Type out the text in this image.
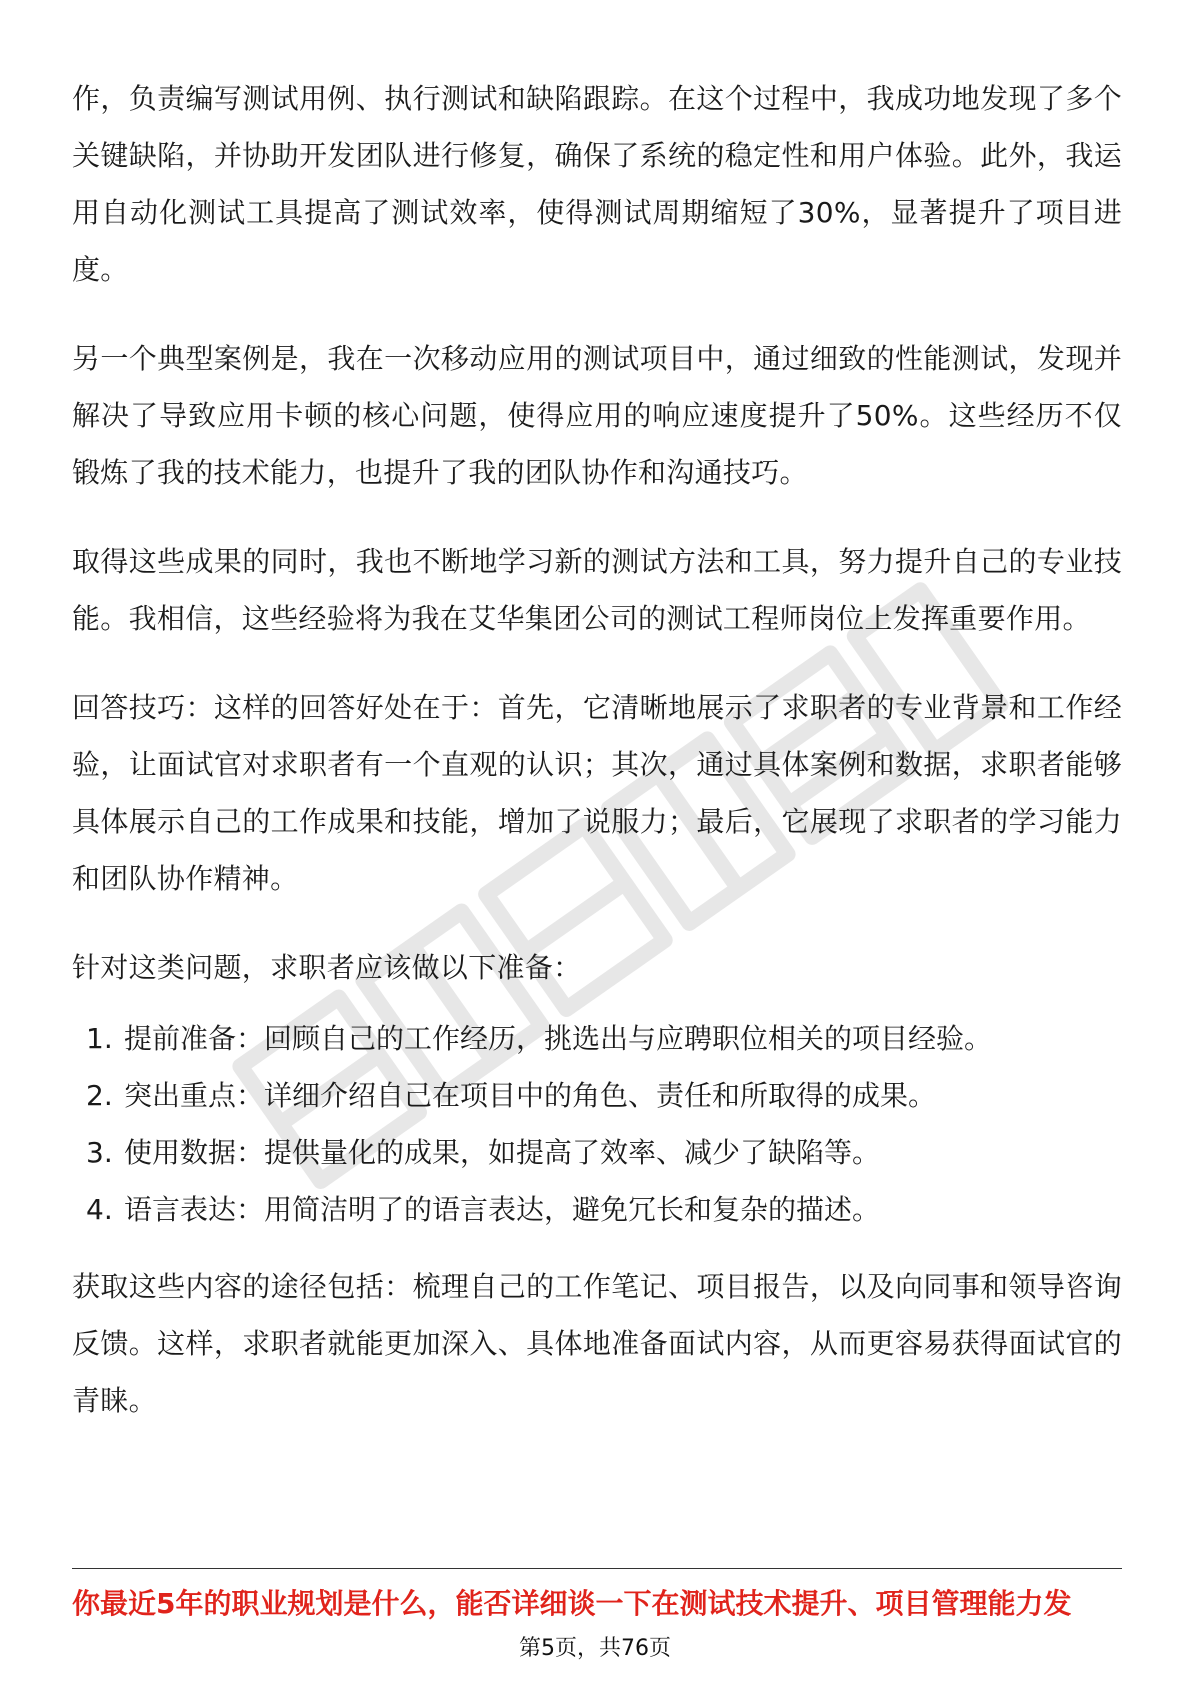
作，负责编写测试用例、执行测试和缺陷跟踪。在这个过程中，我成功地发现了多个关键缺陷，并协助开发团队进行修复，确保了系统的稳定性和用户体验。此外，我运用自动化测试工具提高了测试效率，使得测试周期缩短了30%，显著提升了项目进度。

另一个典型案例是，我在一次移动应用的测试项目中，通过细致的性能测试，发现并解决了导致应用卡顿的核心问题，使得应用的响应速度提升了50%。这些经历不仅锻炼了我的技术能力，也提升了我的团队协作和沟通技巧。

取得这些成果的同时，我也不断地学习新的测试方法和工具，努力提升自己的专业技能。我相信，这些经验将为我在艾华集团公司的测试工程师岗位上发挥重要作用。

回答技巧：这样的回答好处在于：首先，它清晰地展示了求职者的专业背景和工作经验，让面试官对求职者有一个直观的认识；其次，通过具体案例和数据，求职者能够具体展示自己的工作成果和技能，增加了说服力；最后，它展现了求职者的学习能力和团队协作精神。

针对这类问题，求职者应该做以下准备：

1. 提前准备：回顾自己的工作经历，挑选出与应聘职位相关的项目经验。
2. 突出重点：详细介绍自己在项目中的角色、责任和所取得的成果。
3. 使用数据：提供量化的成果，如提高了效率、减少了缺陷等。
4. 语言表达：用简洁明了的语言表达，避免冗长和复杂的描述。

获取这些内容的途径包括：梳理自己的工作笔记、项目报告，以及向同事和领导咨询反馈。这样，求职者就能更加深入、具体地准备面试内容，从而更容易获得面试官的青睐。

你最近5年的职业规划是什么，能否详细谈一下在测试技术提升、项目管理能力发
第5页，共76页
